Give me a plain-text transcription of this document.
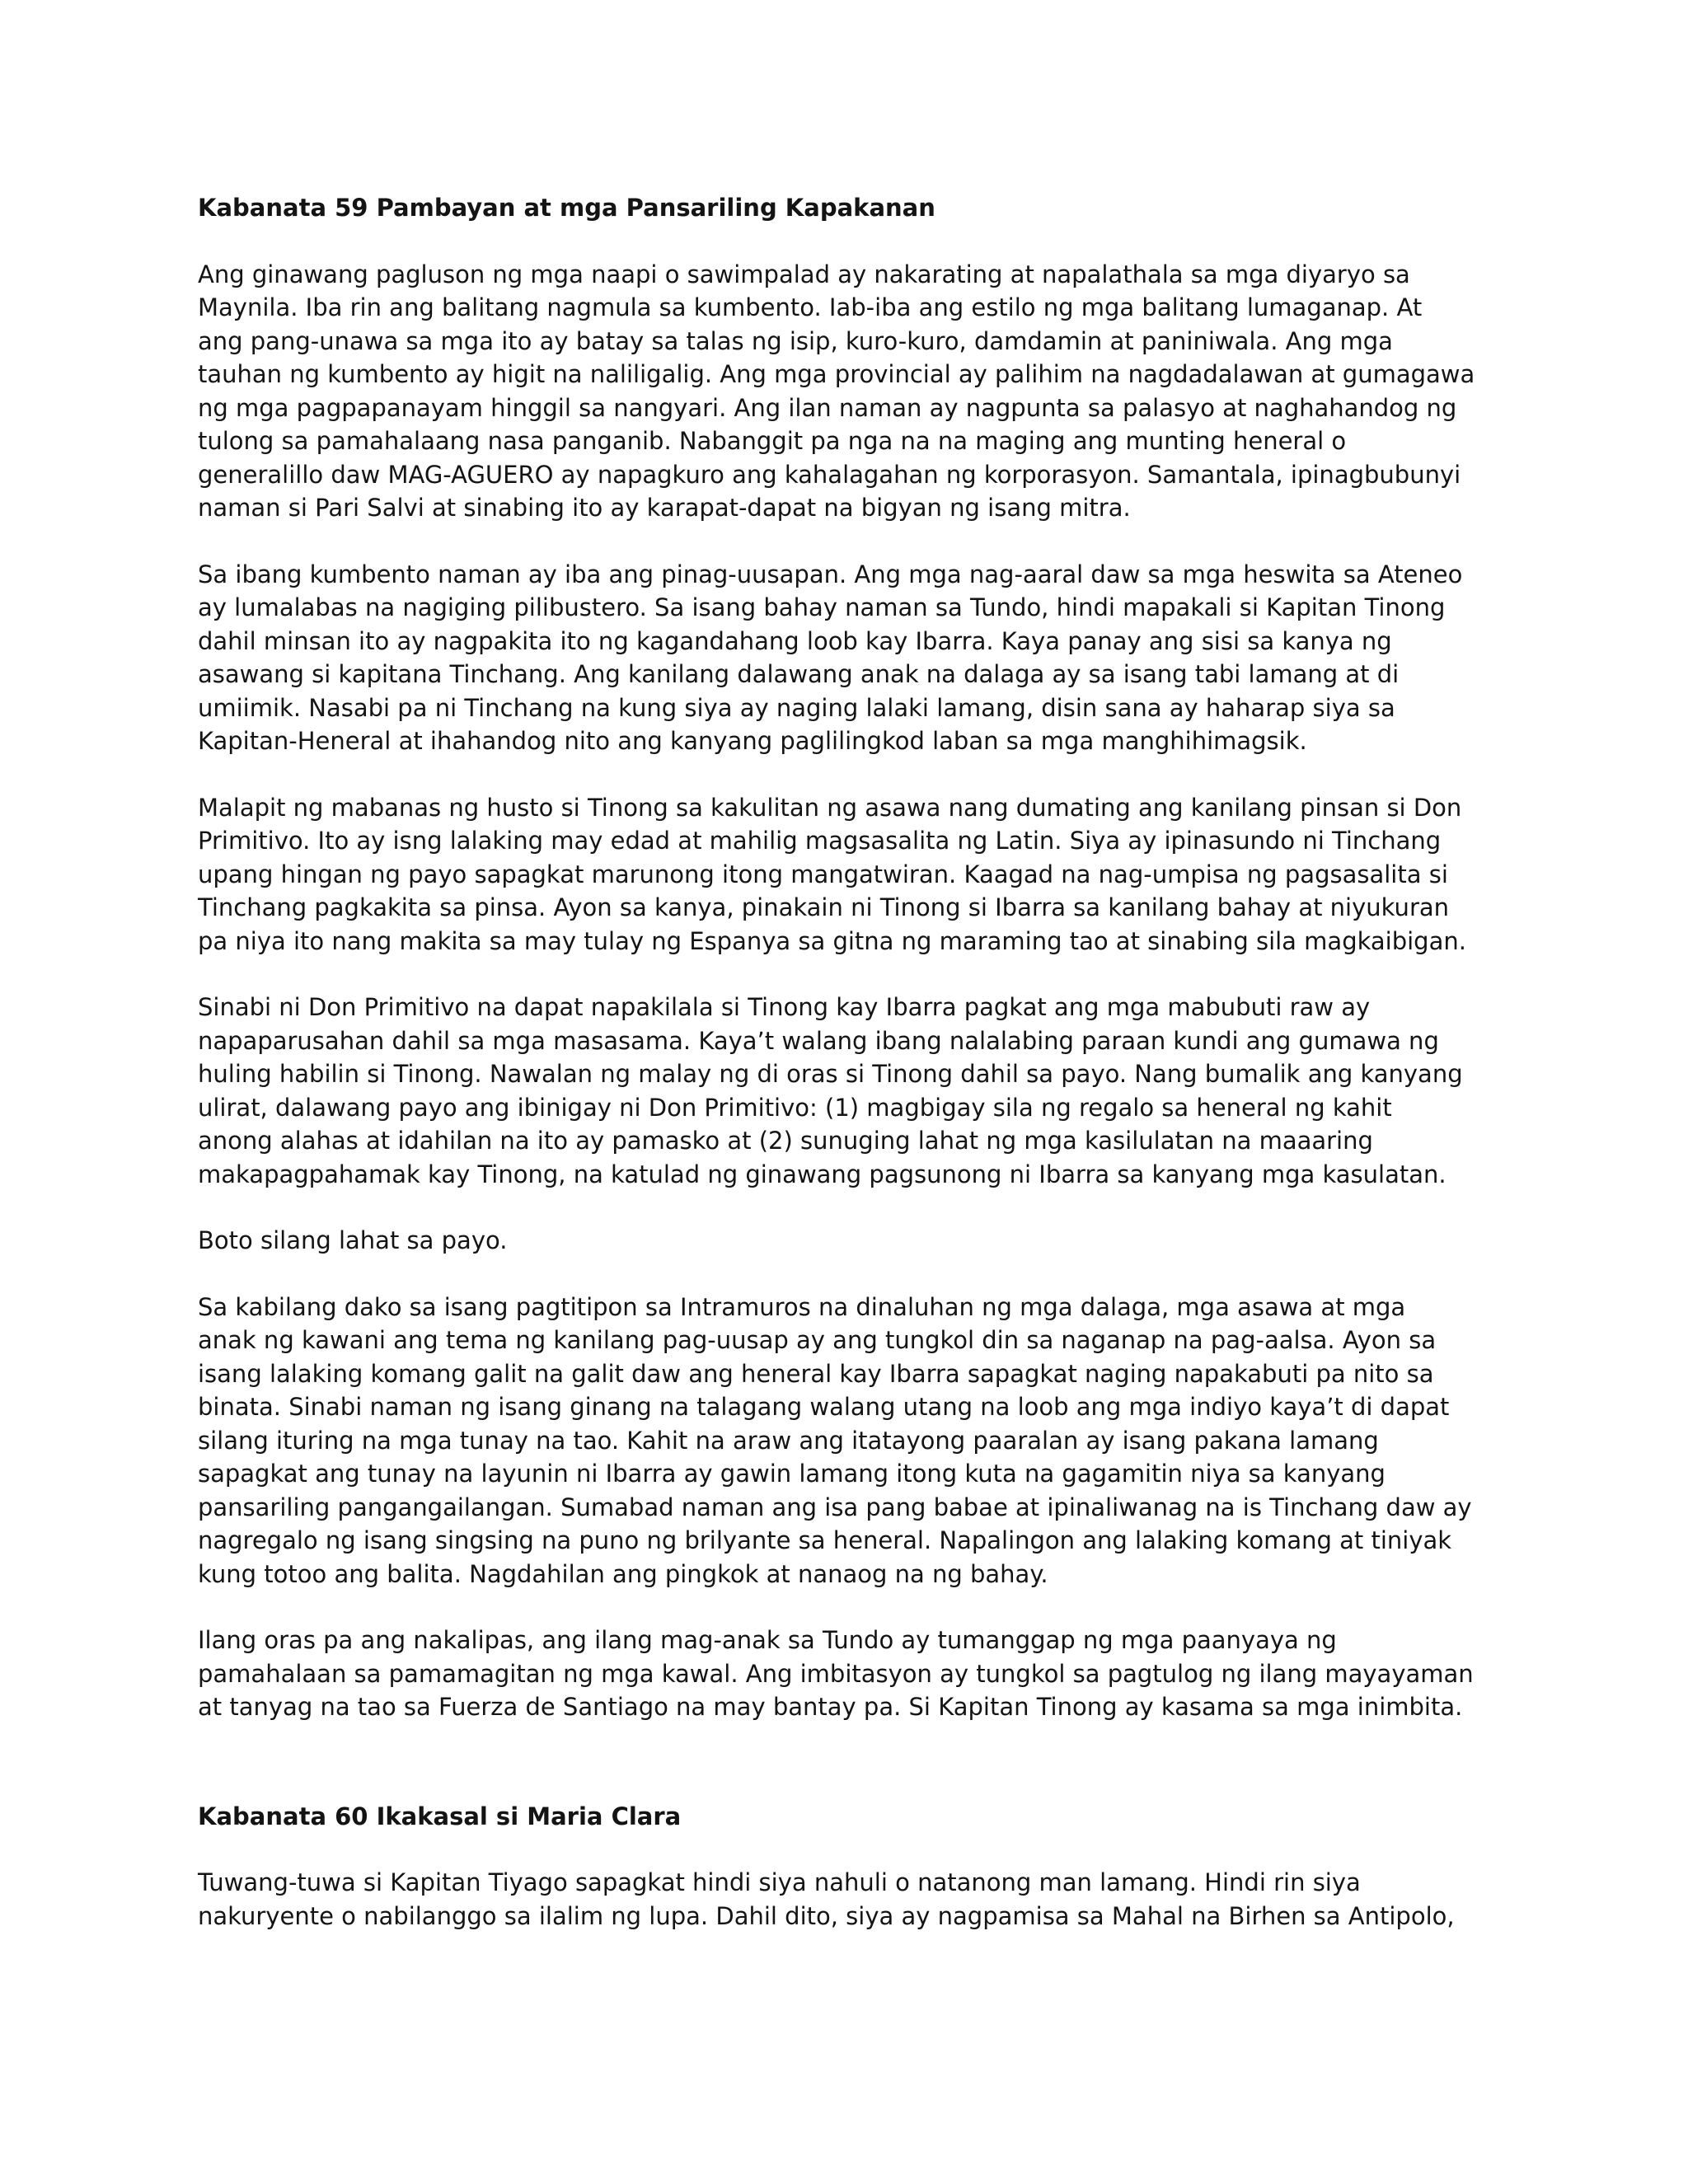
Kabanata 59 Pambayan at mga Pansariling Kapakanan
Ang ginawang pagluson ng mga naapi o sawimpalad ay nakarating at napalathala sa mga diyaryo sa
Maynila. Iba rin ang balitang nagmula sa kumbento. Iab-iba ang estilo ng mga balitang lumaganap. At
ang pang-unawa sa mga ito ay batay sa talas ng isip, kuro-kuro, damdamin at paniniwala. Ang mga
tauhan ng kumbento ay higit na naliligalig. Ang mga provincial ay palihim na nagdadalawan at gumagawa
ng mga pagpapanayam hinggil sa nangyari. Ang ilan naman ay nagpunta sa palasyo at naghahandog ng
tulong sa pamahalaang nasa panganib. Nabanggit pa nga na na maging ang munting heneral o
generalillo daw MAG-AGUERO ay napagkuro ang kahalagahan ng korporasyon. Samantala, ipinagbubunyi
naman si Pari Salvi at sinabing ito ay karapat-dapat na bigyan ng isang mitra.
Sa ibang kumbento naman ay iba ang pinag-uusapan. Ang mga nag-aaral daw sa mga heswita sa Ateneo
ay lumalabas na nagiging pilibustero. Sa isang bahay naman sa Tundo, hindi mapakali si Kapitan Tinong
dahil minsan ito ay nagpakita ito ng kagandahang loob kay Ibarra. Kaya panay ang sisi sa kanya ng
asawang si kapitana Tinchang. Ang kanilang dalawang anak na dalaga ay sa isang tabi lamang at di
umiimik. Nasabi pa ni Tinchang na kung siya ay naging lalaki lamang, disin sana ay haharap siya sa
Kapitan-Heneral at ihahandog nito ang kanyang paglilingkod laban sa mga manghihimagsik.
Malapit ng mabanas ng husto si Tinong sa kakulitan ng asawa nang dumating ang kanilang pinsan si Don
Primitivo. Ito ay isng lalaking may edad at mahilig magsasalita ng Latin. Siya ay ipinasundo ni Tinchang
upang hingan ng payo sapagkat marunong itong mangatwiran. Kaagad na nag-umpisa ng pagsasalita si
Tinchang pagkakita sa pinsa. Ayon sa kanya, pinakain ni Tinong si Ibarra sa kanilang bahay at niyukuran
pa niya ito nang makita sa may tulay ng Espanya sa gitna ng maraming tao at sinabing sila magkaibigan.
Sinabi ni Don Primitivo na dapat napakilala si Tinong kay Ibarra pagkat ang mga mabubuti raw ay
napaparusahan dahil sa mga masasama. Kaya’t walang ibang nalalabing paraan kundi ang gumawa ng
huling habilin si Tinong. Nawalan ng malay ng di oras si Tinong dahil sa payo. Nang bumalik ang kanyang
ulirat, dalawang payo ang ibinigay ni Don Primitivo: (1) magbigay sila ng regalo sa heneral ng kahit
anong alahas at idahilan na ito ay pamasko at (2) sunuging lahat ng mga kasilulatan na maaaring
makapagpahamak kay Tinong, na katulad ng ginawang pagsunong ni Ibarra sa kanyang mga kasulatan.
Boto silang lahat sa payo.
Sa kabilang dako sa isang pagtitipon sa Intramuros na dinaluhan ng mga dalaga, mga asawa at mga
anak ng kawani ang tema ng kanilang pag-uusap ay ang tungkol din sa naganap na pag-aalsa. Ayon sa
isang lalaking komang galit na galit daw ang heneral kay Ibarra sapagkat naging napakabuti pa nito sa
binata. Sinabi naman ng isang ginang na talagang walang utang na loob ang mga indiyo kaya’t di dapat
silang ituring na mga tunay na tao. Kahit na araw ang itatayong paaralan ay isang pakana lamang
sapagkat ang tunay na layunin ni Ibarra ay gawin lamang itong kuta na gagamitin niya sa kanyang
pansariling pangangailangan. Sumabad naman ang isa pang babae at ipinaliwanag na is Tinchang daw ay
nagregalo ng isang singsing na puno ng brilyante sa heneral. Napalingon ang lalaking komang at tiniyak
kung totoo ang balita. Nagdahilan ang pingkok at nanaog na ng bahay.
Ilang oras pa ang nakalipas, ang ilang mag-anak sa Tundo ay tumanggap ng mga paanyaya ng
pamahalaan sa pamamagitan ng mga kawal. Ang imbitasyon ay tungkol sa pagtulog ng ilang mayayaman
at tanyag na tao sa Fuerza de Santiago na may bantay pa. Si Kapitan Tinong ay kasama sa mga inimbita.
Kabanata 60 Ikakasal si Maria Clara
Tuwang-tuwa si Kapitan Tiyago sapagkat hindi siya nahuli o natanong man lamang. Hindi rin siya
nakuryente o nabilanggo sa ilalim ng lupa. Dahil dito, siya ay nagpamisa sa Mahal na Birhen sa Antipolo,
